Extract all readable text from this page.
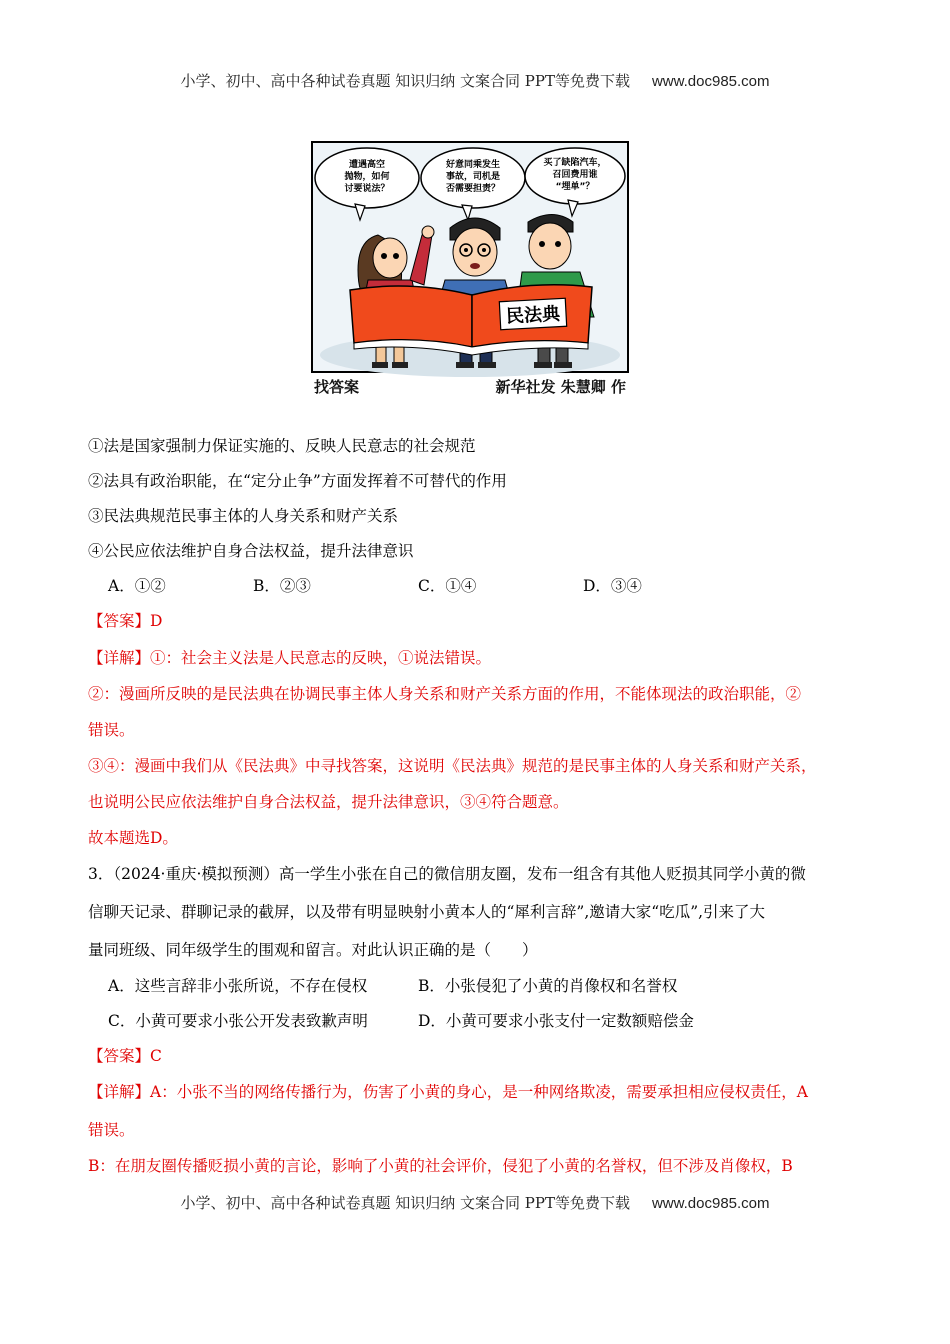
小学、初中、高中各种试卷真题 知识归纳 文案合同 PPT等免费下载 www.doc985.com
遭遇高空
抛物，如何
讨要说法？
好意同乘发生
事故，司机是
否需要担责？
买了缺陷汽车，
召回费用谁
“埋单”？
民法典
找答案	新华社发 朱慧卿 作
①法是国家强制力保证实施的、反映人民意志的社会规范
②法具有政治职能，在“定分止争”方面发挥着不可替代的作用
③民法典规范民事主体的人身关系和财产关系
④公民应依法维护自身合法权益，提升法律意识
A．①②	B．②③	C．①④	D．③④
【答案】D
【详解】①：社会主义法是人民意志的反映，①说法错误。
②：漫画所反映的是民法典在协调民事主体人身关系和财产关系方面的作用，不能体现法的政治职能，②
错误。
③④：漫画中我们从《民法典》中寻找答案，这说明《民法典》规范的是民事主体的人身关系和财产关系，
也说明公民应依法维护自身合法权益，提升法律意识，③④符合题意。
故本题选D。
3．（2024·重庆·模拟预测）高一学生小张在自己的微信朋友圈，发布一组含有其他人贬损其同学小黄的微
信聊天记录、群聊记录的截屏，以及带有明显映射小黄本人的“犀利言辞”,邀请大家“吃瓜”,引来了大
量同班级、同年级学生的围观和留言。对此认识正确的是（　　）
A．这些言辞非小张所说，不存在侵权	B．小张侵犯了小黄的肖像权和名誉权
C．小黄可要求小张公开发表致歉声明	D．小黄可要求小张支付一定数额赔偿金
【答案】C
【详解】A：小张不当的网络传播行为，伤害了小黄的身心，是一种网络欺凌，需要承担相应侵权责任，A
错误。
B：在朋友圈传播贬损小黄的言论，影响了小黄的社会评价，侵犯了小黄的名誉权，但不涉及肖像权，B
小学、初中、高中各种试卷真题 知识归纳 文案合同 PPT等免费下载 www.doc985.com
